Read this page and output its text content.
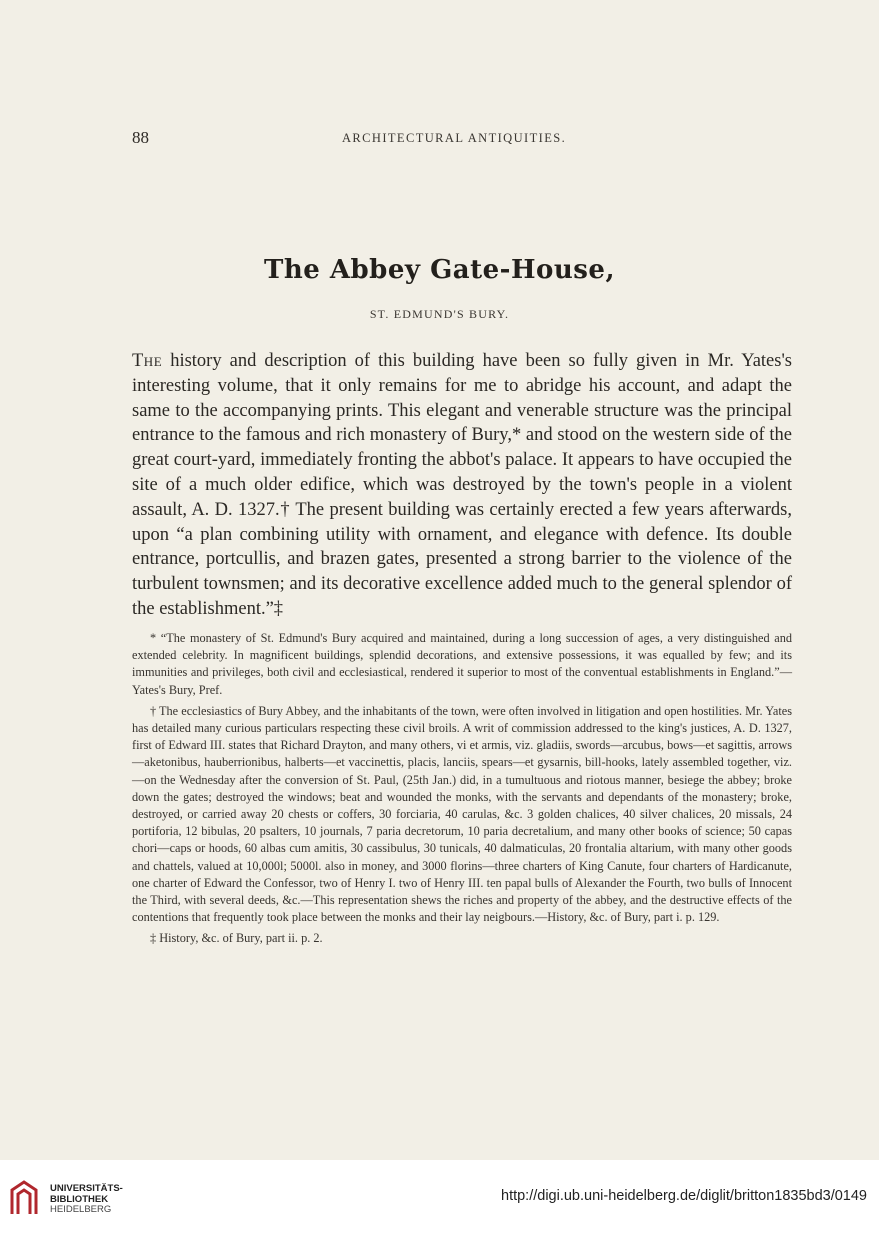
88	ARCHITECTURAL ANTIQUITIES.
The Abbey Gate-House,
ST. EDMUND'S BURY.

The history and description of this building have been so fully given in Mr. Yates's interesting volume, that it only remains for me to abridge his account, and adapt the same to the accompanying prints. This elegant and venerable structure was the principal entrance to the famous and rich monastery of Bury,* and stood on the western side of the great court-yard, immediately fronting the abbot's palace. It appears to have occupied the site of a much older edifice, which was destroyed by the town's people in a violent assault, A. D. 1327.† The present building was certainly erected a few years afterwards, upon “a plan combining utility with ornament, and elegance with defence. Its double entrance, portcullis, and brazen gates, presented a strong barrier to the violence of the turbulent townsmen; and its decorative excellence added much to the general splendor of the establishment.”‡

* “The monastery of St. Edmund's Bury acquired and maintained, during a long succession of ages, a very distinguished and extended celebrity. In magnificent buildings, splendid decorations, and extensive possessions, it was equalled by few; and its immunities and privileges, both civil and ecclesiastical, rendered it superior to most of the conventual establishments in England.”—Yates's Bury, Pref.

† The ecclesiastics of Bury Abbey, and the inhabitants of the town, were often involved in litigation and open hostilities. Mr. Yates has detailed many curious particulars respecting these civil broils. A writ of commission addressed to the king's justices, A. D. 1327, first of Edward III. states that Richard Drayton, and many others, vi et armis, viz. gladiis, swords—arcubus, bows—et sagittis, arrows—aketonibus, hauberrionibus, halberts—et vaccinettis, placis, lanciis, spears—et gysarnis, bill-hooks, lately assembled together, viz.—on the Wednesday after the conversion of St. Paul, (25th Jan.) did, in a tumultuous and riotous manner, besiege the abbey; broke down the gates; destroyed the windows; beat and wounded the monks, with the servants and dependants of the monastery; broke, destroyed, or carried away 20 chests or coffers, 30 forciaria, 40 carulas, &c. 3 golden chalices, 40 silver chalices, 20 missals, 24 portiforia, 12 bibulas, 20 psalters, 10 journals, 7 paria decretorum, 10 paria decretalium, and many other books of science; 50 capas chori—caps or hoods, 60 albas cum amitis, 30 cassibulus, 30 tunicals, 40 dalmaticulas, 20 frontalia altarium, with many other goods and chattels, valued at 10,000l; 5000l. also in money, and 3000 florins—three charters of King Canute, four charters of Hardicanute, one charter of Edward the Confessor, two of Henry I. two of Henry III. ten papal bulls of Alexander the Fourth, two bulls of Innocent the Third, with several deeds, &c.—This representation shews the riches and property of the abbey, and the destructive effects of the contentions that frequently took place between the monks and their lay neigbours.—History, &c. of Bury, part i. p. 129.

‡ History, &c. of Bury, part ii. p. 2.

UNIVERSITÄTS-
BIBLIOTHEK
HEIDELBERG
http://digi.ub.uni-heidelberg.de/diglit/britton1835bd3/0149
